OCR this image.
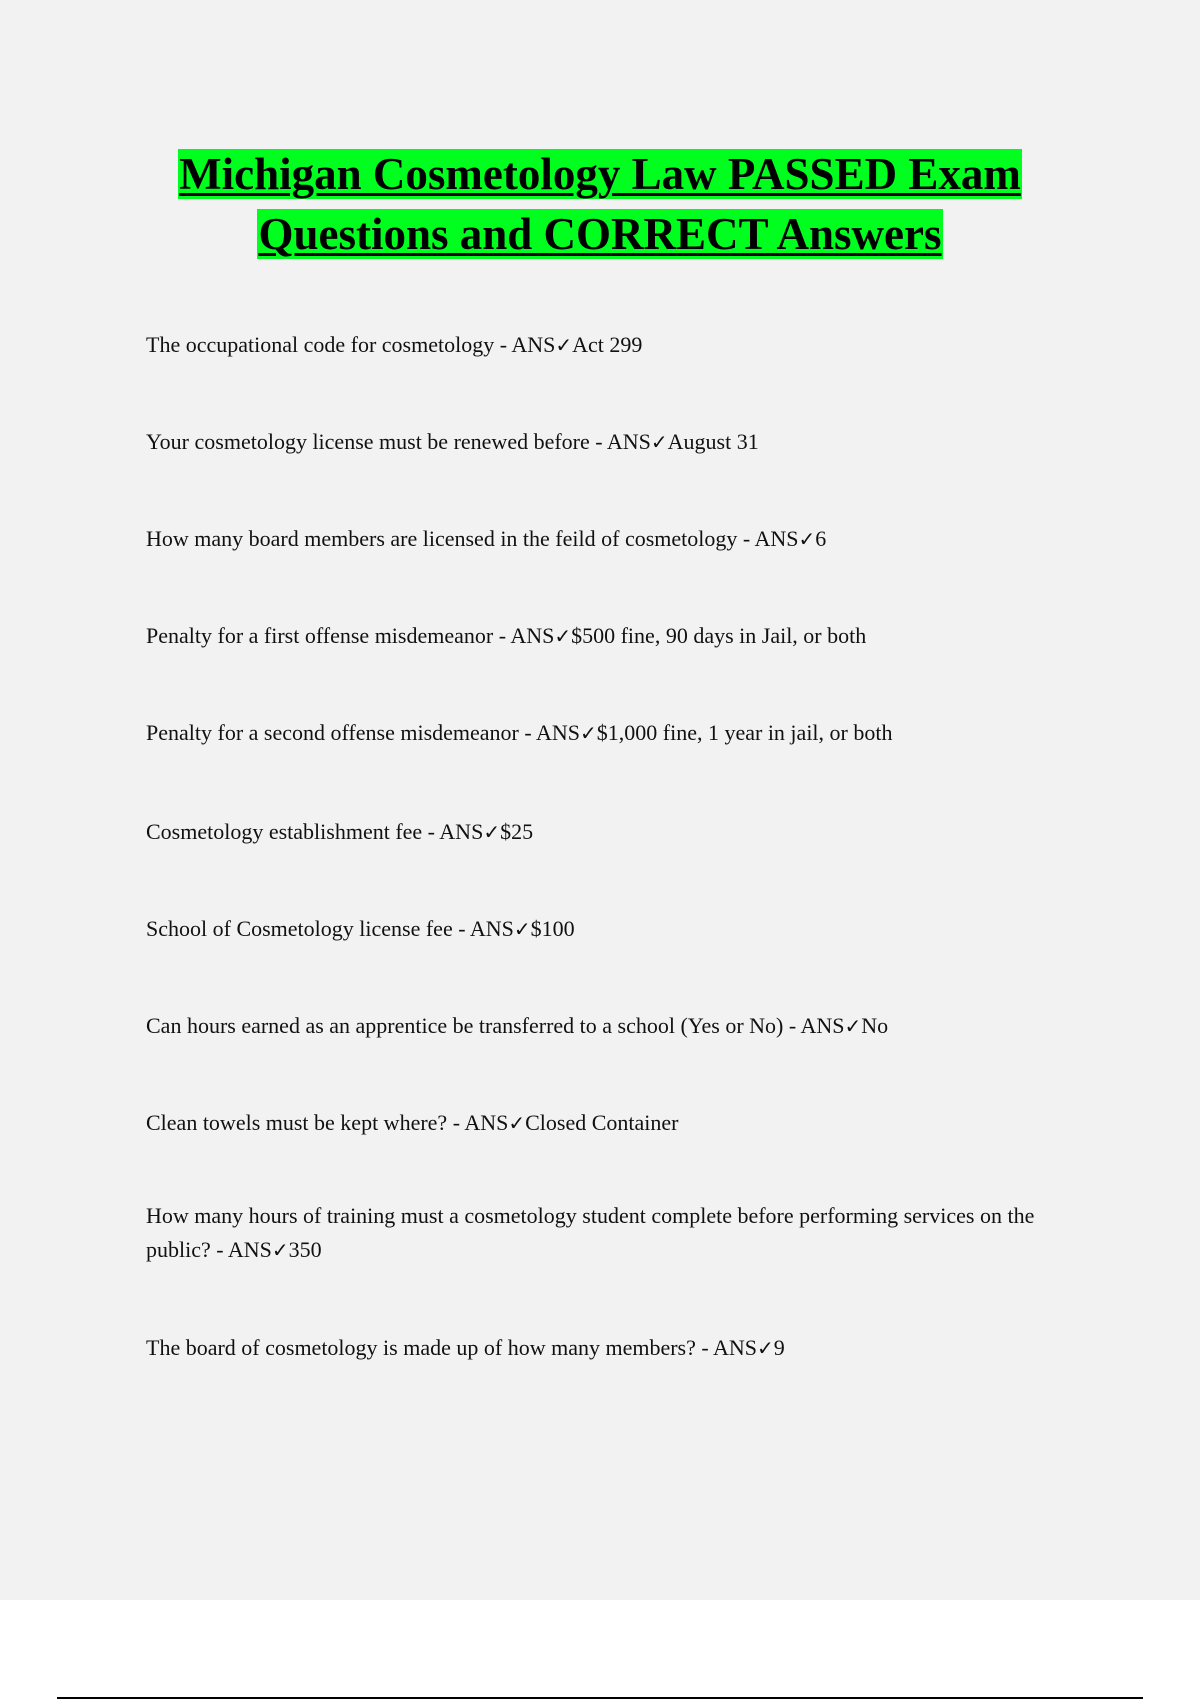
Michigan Cosmetology Law PASSED Exam
Questions and CORRECT Answers

The occupational code for cosmetology - ANS✓Act 299

Your cosmetology license must be renewed before - ANS✓August 31

How many board members are licensed in the feild of cosmetology - ANS✓6

Penalty for a first offense misdemeanor - ANS✓$500 fine, 90 days in Jail, or both

Penalty for a second offense misdemeanor - ANS✓$1,000 fine, 1 year in jail, or both

Cosmetology establishment fee - ANS✓$25

School of Cosmetology license fee - ANS✓$100

Can hours earned as an apprentice be transferred to a school (Yes or No) - ANS✓No

Clean towels must be kept where? - ANS✓Closed Container

How many hours of training must a cosmetology student complete before performing services on the public? - ANS✓350

The board of cosmetology is made up of how many members? - ANS✓9
